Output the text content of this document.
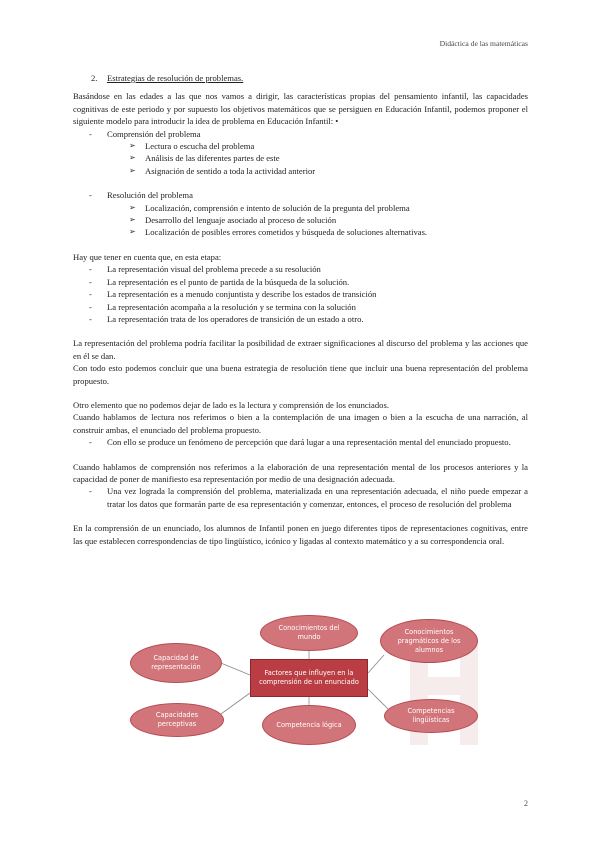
Didáctica de las matemáticas
2. Estrategias de resolución de problemas.

Basándose en las edades a las que nos vamos a dirigir, las características propias del pensamiento infantil, las capacidades cognitivas de este periodo y por supuesto los objetivos matemáticos que se persiguen en Educación Infantil, podemos proponer el siguiente modelo para introducir la idea de problema en Educación Infantil: •

- Comprensión del problema
➢ Lectura o escucha del problema
➢ Análisis de las diferentes partes de este
➢ Asignación de sentido a toda la actividad anterior
- Resolución del problema
➢ Localización, comprensión e intento de solución de la pregunta del problema
➢ Desarrollo del lenguaje asociado al proceso de solución
➢ Localización de posibles errores cometidos y búsqueda de soluciones alternativas.

Hay que tener en cuenta que, en esta etapa:

- La representación visual del problema precede a su resolución
- La representación es el punto de partida de la búsqueda de la solución.
- La representación es a menudo conjuntista y describe los estados de transición
- La representación acompaña a la resolución y se termina con la solución
- La representación trata de los operadores de transición de un estado a otro.

La representación del problema podría facilitar la posibilidad de extraer significaciones al discurso del problema y las acciones que en él se dan.

Con todo esto podemos concluir que una buena estrategia de resolución tiene que incluir una buena representación del problema propuesto.

Otro elemento que no podemos dejar de lado es la lectura y comprensión de los enunciados.

Cuando hablamos de lectura nos referimos o bien a la contemplación de una imagen o bien a la escucha de una narración, al construir ambas, el enunciado del problema propuesto.

- Con ello se produce un fenómeno de percepción que dará lugar a una representación mental del enunciado propuesto.

Cuando hablamos de comprensión nos referimos a la elaboración de una representación mental de los procesos anteriores y la capacidad de poner de manifiesto esa representación por medio de una designación adecuada.

- Una vez lograda la comprensión del problema, materializada en una representación adecuada, el niño puede empezar a tratar los datos que formarán parte de esa representación y comenzar, entonces, el proceso de resolución del problema

En la comprensión de un enunciado, los alumnos de Infantil ponen en juego diferentes tipos de representaciones cognitivas, entre las que establecen correspondencias de tipo lingüístico, icónico y ligadas al contexto matemático y a su correspondencia oral.

Capacidad de representación
Conocimientos del mundo
Conocimientos pragmáticos de los alumnos
Factores que influyen en la comprensión de un enunciado
Capacidades perceptivas	Competencia lógica
Competencias lingüísticas
2
